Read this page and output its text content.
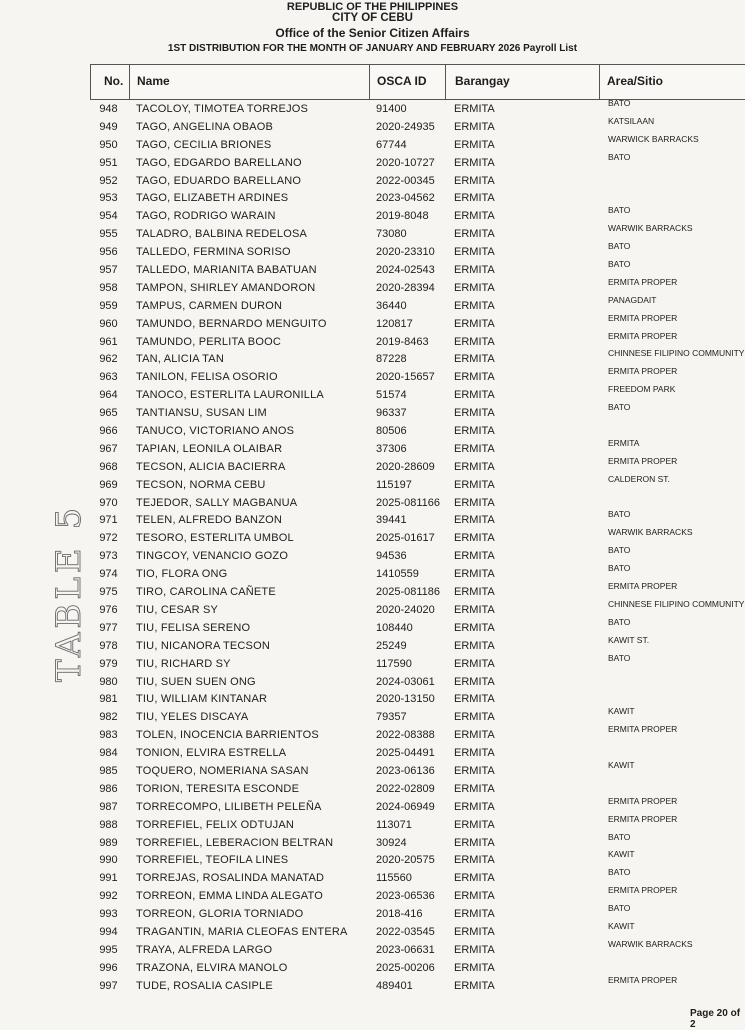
REPUBLIC OF THE PHILIPPINES
CITY OF CEBU
Office of the Senior Citizen Affairs
1ST DISTRIBUTION FOR THE MONTH OF JANUARY AND FEBRUARY 2026 Payroll List
No. Name	OSCA ID Barangay	Area/Sitio
948	TACOLOY, TIMOTEA TORREJOS	91400	ERMITA	BATO
949	TAGO, ANGELINA OBAOB	2020-24935 ERMITA	KATSILAAN
950	TAGO, CECILIA BRIONES	67744	ERMITA	WARWICK BARRACKS
951	TAGO, EDGARDO BARELLANO	2020-10727 ERMITA	BATO
952	TAGO, EDUARDO BARELLANO	2022-00345 ERMITA
953	TAGO, ELIZABETH ARDINES	2023-04562 ERMITA
954	TAGO, RODRIGO WARAIN	2019-8048 ERMITA	BATO
955	TALADRO, BALBINA REDELOSA	73080	ERMITA	WARWIK BARRACKS
956	TALLEDO, FERMINA SORISO	2020-23310 ERMITA	BATO
957	TALLEDO, MARIANITA BABATUAN	2024-02543 ERMITA	BATO
958	TAMPON, SHIRLEY AMANDORON	2020-28394 ERMITA	ERMITA PROPER
959	TAMPUS, CARMEN DURON	36440	ERMITA	PANAGDAIT
960	TAMUNDO, BERNARDO MENGUITO	120817	ERMITA	ERMITA PROPER
961	TAMUNDO, PERLITA BOOC	2019-8463 ERMITA	ERMITA PROPER
962	TAN, ALICIA TAN	87228	ERMITA	CHINNESE FILIPINO COMMUNITY
963	TANILON, FELISA OSORIO	2020-15657 ERMITA	ERMITA PROPER
964	TANOCO, ESTERLITA LAURONILLA	51574	ERMITA	FREEDOM PARK
965	TANTIANSU, SUSAN LIM	96337	ERMITA	BATO
966	TANUCO, VICTORIANO ANOS	80506	ERMITA
967	TAPIAN, LEONILA OLAIBAR	37306	ERMITA	ERMITA
968	TECSON, ALICIA BACIERRA	2020-28609 ERMITA	ERMITA PROPER
969	TECSON, NORMA CEBU	115197	ERMITA	CALDERON ST.
970	TEJEDOR, SALLY MAGBANUA	2025-081166 ERMITA
971	TELEN, ALFREDO BANZON	39441	ERMITA	BATO
972	TESORO, ESTERLITA UMBOL	2025-01617 ERMITA	WARWIK BARRACKS
973	TINGCOY, VENANCIO GOZO	94536	ERMITA	BATO
974	TIO, FLORA ONG	1410559	ERMITA	BATO
975	TIRO, CAROLINA CAÑETE	2025-081186 ERMITA	ERMITA PROPER
976	TIU, CESAR SY	2020-24020 ERMITA	CHINNESE FILIPINO COMMUNITY
977	TIU, FELISA SERENO	108440	ERMITA	BATO
978	TIU, NICANORA TECSON	25249	ERMITA	KAWIT ST.
979	TIU, RICHARD SY	117590	ERMITA	BATO
980	TIU, SUEN SUEN ONG	2024-03061 ERMITA
981	TIU, WILLIAM KINTANAR	2020-13150 ERMITA
982	TIU, YELES DISCAYA	79357	ERMITA	KAWIT
983	TOLEN, INOCENCIA BARRIENTOS	2022-08388 ERMITA	ERMITA PROPER
984	TONION, ELVIRA ESTRELLA	2025-04491 ERMITA
985	TOQUERO, NOMERIANA SASAN	2023-06136 ERMITA	KAWIT
986	TORION, TERESITA ESCONDE	2022-02809 ERMITA
987	TORRECOMPO, LILIBETH PELEÑA	2024-06949 ERMITA	ERMITA PROPER
988	TORREFIEL, FELIX ODTUJAN	113071	ERMITA	ERMITA PROPER
989	TORREFIEL, LEBERACION BELTRAN	30924	ERMITA	BATO
990	TORREFIEL, TEOFILA LINES	2020-20575 ERMITA	KAWIT
991	TORREJAS, ROSALINDA MANATAD	115560	ERMITA	BATO
992	TORREON, EMMA LINDA ALEGATO	2023-06536 ERMITA	ERMITA PROPER
993	TORREON, GLORIA TORNIADO	2018-416	ERMITA	BATO
994	TRAGANTIN, MARIA CLEOFAS ENTERA	2022-03545 ERMITA	KAWIT
995	TRAYA, ALFREDA LARGO	2023-06631 ERMITA	WARWIK BARRACKS
996	TRAZONA, ELVIRA MANOLO	2025-00206 ERMITA
997	TUDE, ROSALIA CASIPLE	489401	ERMITA	ERMITA PROPER
TABLE 5
Page 20 of 2
